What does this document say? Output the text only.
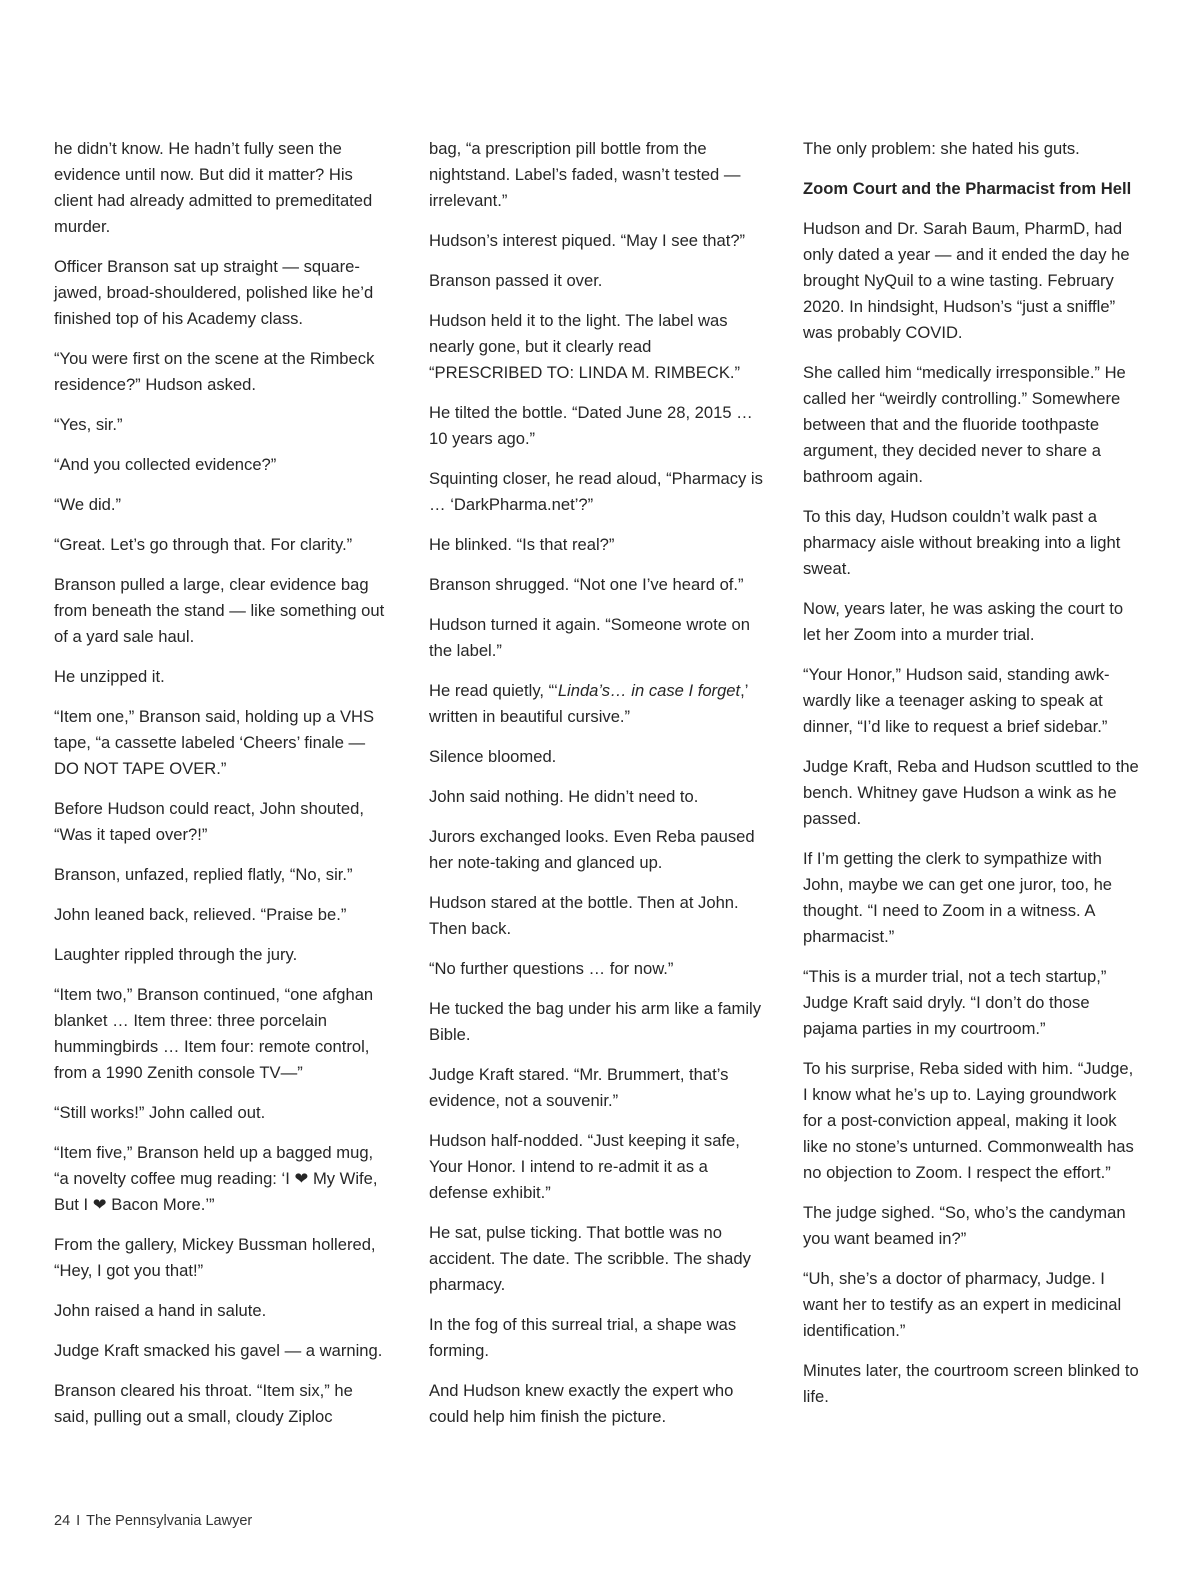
he didn’t know. He hadn’t fully seen the evidence until now. But did it matter? His client had already admitted to premeditated murder.

Officer Branson sat up straight — squarejawed, broad-shouldered, polished like he’d finished top of his Academy class.

“You were first on the scene at the Rimbeck residence?” Hudson asked.

“Yes, sir.”

“And you collected evidence?”

“We did.”

“Great. Let’s go through that. For clarity.”

Branson pulled a large, clear evidence bag from beneath the stand — like something out of a yard sale haul.

He unzipped it.

“Item one,” Branson said, holding up a VHS tape, “a cassette labeled ‘Cheers’ finale — DO NOT TAPE OVER.”

Before Hudson could react, John shouted, “Was it taped over?!”

Branson, unfazed, replied flatly, “No, sir.”

John leaned back, relieved. “Praise be.”

Laughter rippled through the jury.

“Item two,” Branson continued, “one afghan blanket … Item three: three porcelain hummingbirds … Item four: remote control, from a 1990 Zenith console TV—”

“Still works!” John called out.

“Item five,” Branson held up a bagged mug, “a novelty coffee mug reading: ‘I ❤ My Wife, But I ❤ Bacon More.’”

From the gallery, Mickey Bussman hollered, “Hey, I got you that!”

John raised a hand in salute.

Judge Kraft smacked his gavel — a warning.

Branson cleared his throat. “Item six,” he said, pulling out a small, cloudy Ziploc

bag, “a prescription pill bottle from the nightstand. Label’s faded, wasn’t tested — irrelevant.”

Hudson’s interest piqued. “May I see that?”

Branson passed it over.

Hudson held it to the light. The label was nearly gone, but it clearly read “PRESCRIBED TO: LINDA M. RIMBECK.”

He tilted the bottle. “Dated June 28, 2015 … 10 years ago.”

Squinting closer, he read aloud, “Pharmacy is … ‘DarkPharma.net’?”

He blinked. “Is that real?”

Branson shrugged. “Not one I’ve heard of.”

Hudson turned it again. “Someone wrote on the label.”

He read quietly, “‘Linda’s… in case I forget,’ written in beautiful cursive.”

Silence bloomed.

John said nothing. He didn’t need to.

Jurors exchanged looks. Even Reba paused her note-taking and glanced up.

Hudson stared at the bottle. Then at John. Then back.

“No further questions … for now.”

He tucked the bag under his arm like a family Bible.

Judge Kraft stared. “Mr. Brummert, that’s evidence, not a souvenir.”

Hudson half-nodded. “Just keeping it safe, Your Honor. I intend to re-admit it as a defense exhibit.”

He sat, pulse ticking. That bottle was no accident. The date. The scribble. The shady pharmacy.

In the fog of this surreal trial, a shape was forming.

And Hudson knew exactly the expert who could help him finish the picture.

The only problem: she hated his guts.

Zoom Court and the Pharmacist from Hell

Hudson and Dr. Sarah Baum, PharmD, had only dated a year — and it ended the day he brought NyQuil to a wine tasting. February 2020. In hindsight, Hudson’s “just a sniffle” was probably COVID.

She called him “medically irresponsible.” He called her “weirdly controlling.” Somewhere between that and the fluoride toothpaste argument, they decided never to share a bathroom again.

To this day, Hudson couldn’t walk past a pharmacy aisle without breaking into a light sweat.

Now, years later, he was asking the court to let her Zoom into a murder trial.

“Your Honor,” Hudson said, standing awkwardly like a teenager asking to speak at dinner, “I’d like to request a brief sidebar.”

Judge Kraft, Reba and Hudson scuttled to the bench. Whitney gave Hudson a wink as he passed.

If I’m getting the clerk to sympathize with John, maybe we can get one juror, too, he thought. “I need to Zoom in a witness. A pharmacist.”

“This is a murder trial, not a tech startup,” Judge Kraft said dryly. “I don’t do those pajama parties in my courtroom.”

To his surprise, Reba sided with him. “Judge, I know what he’s up to. Laying groundwork for a post-conviction appeal, making it look like no stone’s unturned. Commonwealth has no objection to Zoom. I respect the effort.”

The judge sighed. “So, who’s the candyman you want beamed in?”

“Uh, she’s a doctor of pharmacy, Judge. I want her to testify as an expert in medicinal identification.”

Minutes later, the courtroom screen blinked to life.

24 I The Pennsylvania Lawyer
